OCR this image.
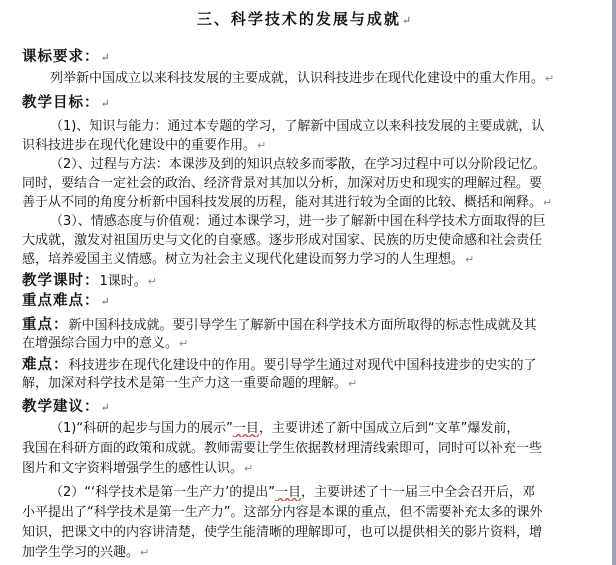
三、科学技术的发展与成就↵
课标要求：↵
列举新中国成立以来科技发展的主要成就，认识科技进步在现代化建设中的重大作用。↵
教学目标：↵
（1)、知识与能力：通过本专题的学习，了解新中国成立以来科技发展的主要成就，认
识科技进步在现代化建设中的重要作用。↵
（2）、过程与方法：本课涉及到的知识点较多而零散，在学习过程中可以分阶段记忆。
同时，要结合一定社会的政治、经济背景对其加以分析，加深对历史和现实的理解过程。要
善于从不同的角度分析新中国科技发展的历程，能对其进行较为全面的比较、概括和阐释。↵
（3）、情感态度与价值观：通过本课学习，进一步了解新中国在科学技术方面取得的巨
大成就，激发对祖国历史与文化的自豪感。逐步形成对国家、民族的历史使命感和社会责任
感，培养爱国主义情感。树立为社会主义现代化建设而努力学习的人生理想。↵
教学课时：1课时。↵
重点难点：↵
重点：新中国科技成就。要引导学生了解新中国在科学技术方面所取得的标志性成就及其
在增强综合国力中的意义。↵
难点：科技进步在现代化建设中的作用。要引导学生通过对现代中国科技进步的史实的了
解，加深对科学技术是第一生产力这一重要命题的理解。↵
教学建议：↵
（1)“科研的起步与国力的展示”一目，主要讲述了新中国成立后到“文革”爆发前，
我国在科研方面的政策和成就。教师需要让学生依据教材理清线索即可，同时可以补充一些
图片和文字资料增强学生的感性认识。↵
（2）“‘科学技术是第一生产力’的提出”一目，主要讲述了十一届三中全会召开后，邓
小平提出了“科学技术是第一生产力”。这部分内容是本课的重点，但不需要补充太多的课外
知识，把课文中的内容讲清楚，使学生能清晰的理解即可，也可以提供相关的影片资料，增
加学生学习的兴趣。↵
